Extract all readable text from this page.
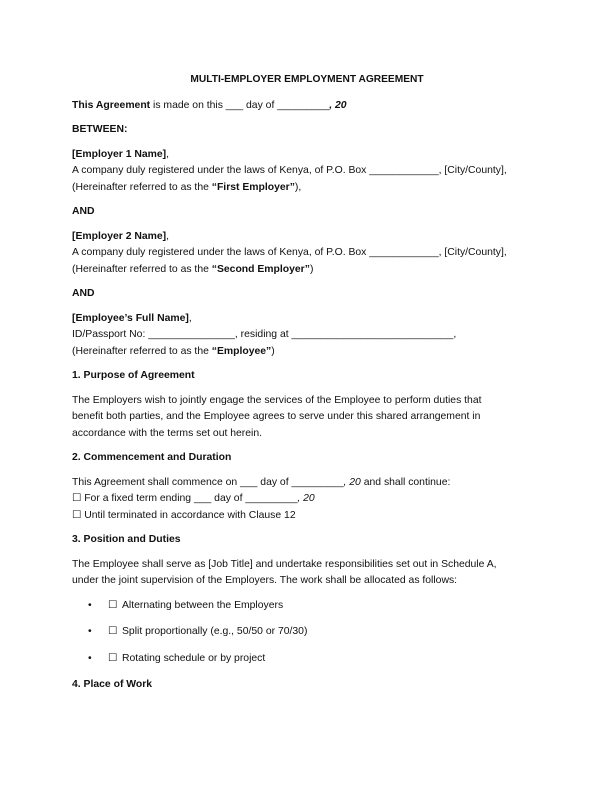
MULTI-EMPLOYER EMPLOYMENT AGREEMENT

This Agreement is made on this ___ day of _________, 20

BETWEEN:

[Employer 1 Name],

A company duly registered under the laws of Kenya, of P.O. Box ____________, [City/County],

(Hereinafter referred to as the “First Employer”),

AND

[Employer 2 Name],

A company duly registered under the laws of Kenya, of P.O. Box ____________, [City/County],

(Hereinafter referred to as the “Second Employer”)

AND

[Employee’s Full Name],

ID/Passport No: _______________, residing at ____________________________,

(Hereinafter referred to as the “Employee”)

1. Purpose of Agreement

The Employers wish to jointly engage the services of the Employee to perform duties that

benefit both parties, and the Employee agrees to serve under this shared arrangement in

accordance with the terms set out herein.

2. Commencement and Duration

This Agreement shall commence on ___ day of _________, 20 and shall continue:

☐ For a fixed term ending ___ day of _________, 20

☐ Until terminated in accordance with Clause 12

3. Position and Duties

The Employee shall serve as [Job Title] and undertake responsibilities set out in Schedule A,

under the joint supervision of the Employers. The work shall be allocated as follows:

• ☐ Alternating between the Employers
• ☐ Split proportionally (e.g., 50/50 or 70/30)
• ☐ Rotating schedule or by project

4. Place of Work
